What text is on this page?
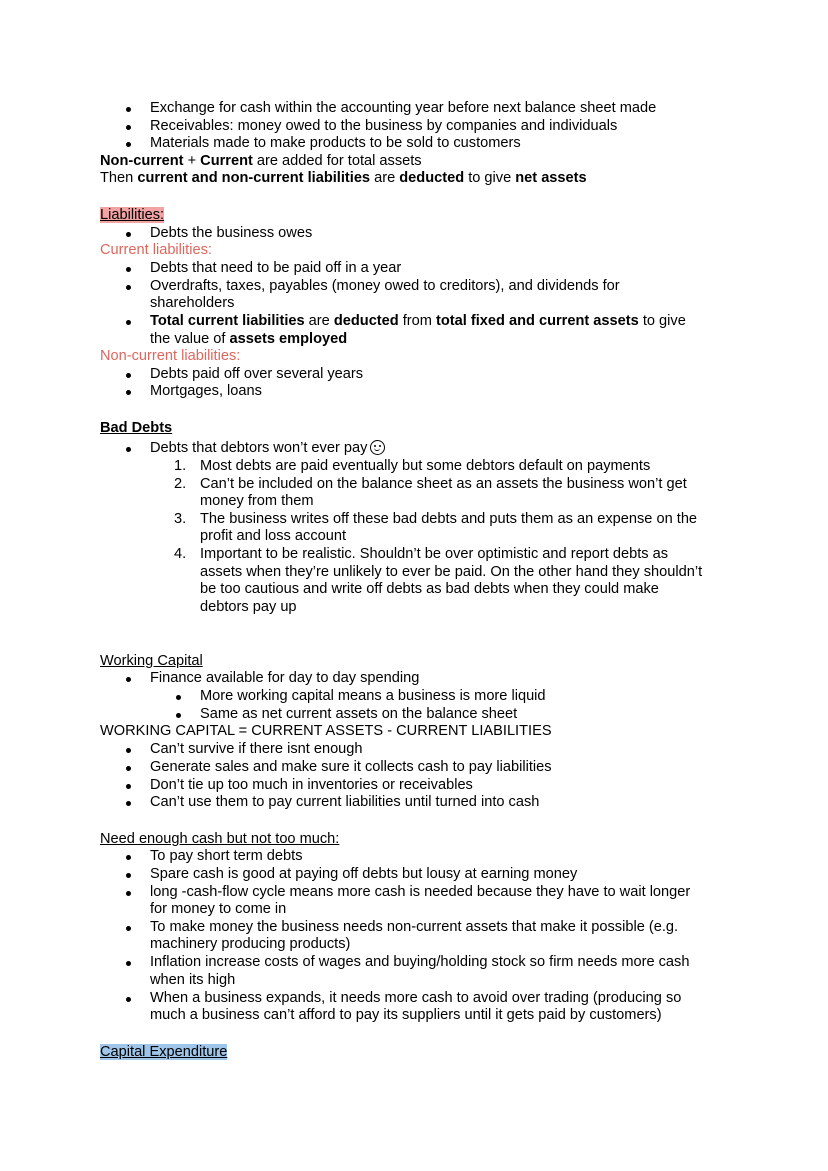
Exchange for cash within the accounting year before next balance sheet made
Receivables: money owed to the business by companies and individuals
Materials made to make products to be sold to customers
Non-current + Current are added for total assets
Then current and non-current liabilities are deducted to give net assets
Liabilities:
Debts the business owes
Current liabilities:
Debts that need to be paid off in a year
Overdrafts, taxes, payables (money owed to creditors), and dividends for
shareholders
Total current liabilities are deducted from total fixed and current assets to give
the value of assets employed
Non-current liabilities:
Debts paid off over several years
Mortgages, loans
Bad Debts
Debts that debtors won’t ever pay
1. Most debts are paid eventually but some debtors default on payments
2. Can’t be included on the balance sheet as an assets the business won’t get
money from them
3. The business writes off these bad debts and puts them as an expense on the
profit and loss account
4. Important to be realistic. Shouldn’t be over optimistic and report debts as
assets when they’re unlikely to ever be paid. On the other hand they shouldn’t
be too cautious and write off debts as bad debts when they could make
debtors pay up
Working Capital
Finance available for day to day spending
More working capital means a business is more liquid
Same as net current assets on the balance sheet
WORKING CAPITAL = CURRENT ASSETS - CURRENT LIABILITIES
Can’t survive if there isnt enough
Generate sales and make sure it collects cash to pay liabilities
Don’t tie up too much in inventories or receivables
Can’t use them to pay current liabilities until turned into cash
Need enough cash but not too much:
To pay short term debts
Spare cash is good at paying off debts but lousy at earning money
long -cash-flow cycle means more cash is needed because they have to wait longer
for money to come in
To make money the business needs non-current assets that make it possible (e.g.
machinery producing products)
Inflation increase costs of wages and buying/holding stock so firm needs more cash
when its high
When a business expands, it needs more cash to avoid over trading (producing so
much a business can’t afford to pay its suppliers until it gets paid by customers)
Capital Expenditure
